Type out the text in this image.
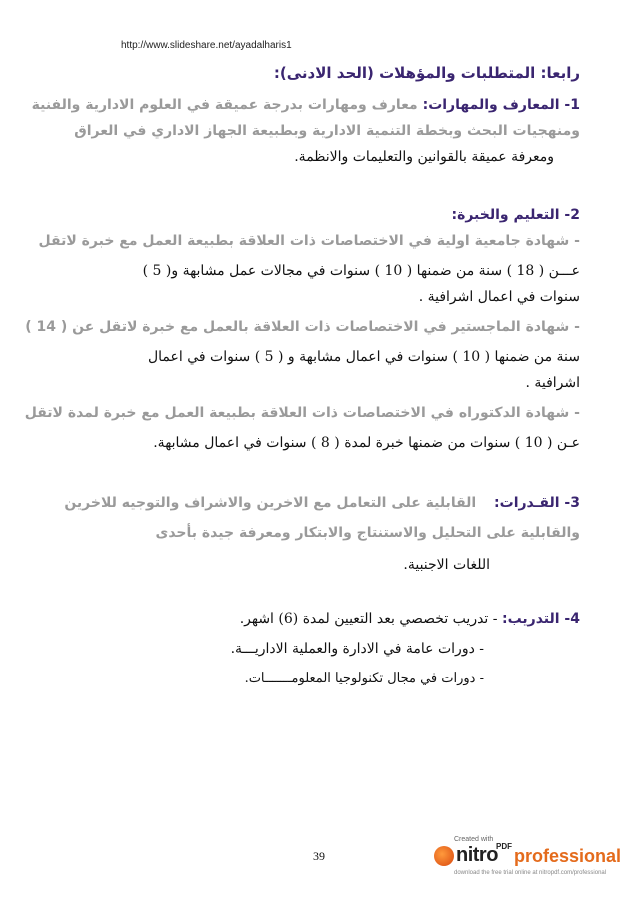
http://www.slideshare.net/ayadalharis1

رابعا: المتطلبات والمؤهلات (الحد الادنى):

1- المعارف والمهارات: معارف ومهارات بدرجة عميقة في العلوم الادارية والفنية

ومنهجيات البحث وبخطة التنمية الادارية وبطبيعة الجهاز الاداري في العراق

ومعرفة عميقة بالقوانين والتعليمات والانظمة.

2- التعليم والخبرة:

- شهادة جامعية اولية في الاختصاصات ذات العلاقة بطبيعة العمل مع خبرة لاتقل

عـــن ( 18 ) سنة من ضمنها ( 10 ) سنوات في مجالات عمل مشابهة و( 5 )

سنوات في اعمال اشرافية .

- شهادة الماجستير في الاختصاصات ذات العلاقة بالعمل مع خبرة لاتقل عن ( 14 )

سنة من ضمنها ( 10 ) سنوات في اعمال مشابهة و ( 5 ) سنوات في اعمال

اشرافية .

- شهادة الدكتوراه في الاختصاصات ذات العلاقة بطبيعة العمل مع خبرة لمدة لاتقل

عـن ( 10 ) سنوات من ضمنها خبرة لمدة ( 8 ) سنوات في اعمال مشابهة.

3- القـدرات:    القابلية على التعامل مع الاخرين والاشراف والتوجيه للاخرين

والقابلية على التحليل والاستنتاج والابتكار ومعرفة جيدة بأحدى

اللغات الاجنبية.

4- التدريب: - تدريب تخصصي بعد التعيين لمدة (6) اشهر.

- دورات عامة في الادارة والعملية الاداريـــة.

- دورات في مجال تكنولوجيا المعلومـــــــات.

39
Created with
nitro
PDF professional
download the free trial online at nitropdf.com/professional
